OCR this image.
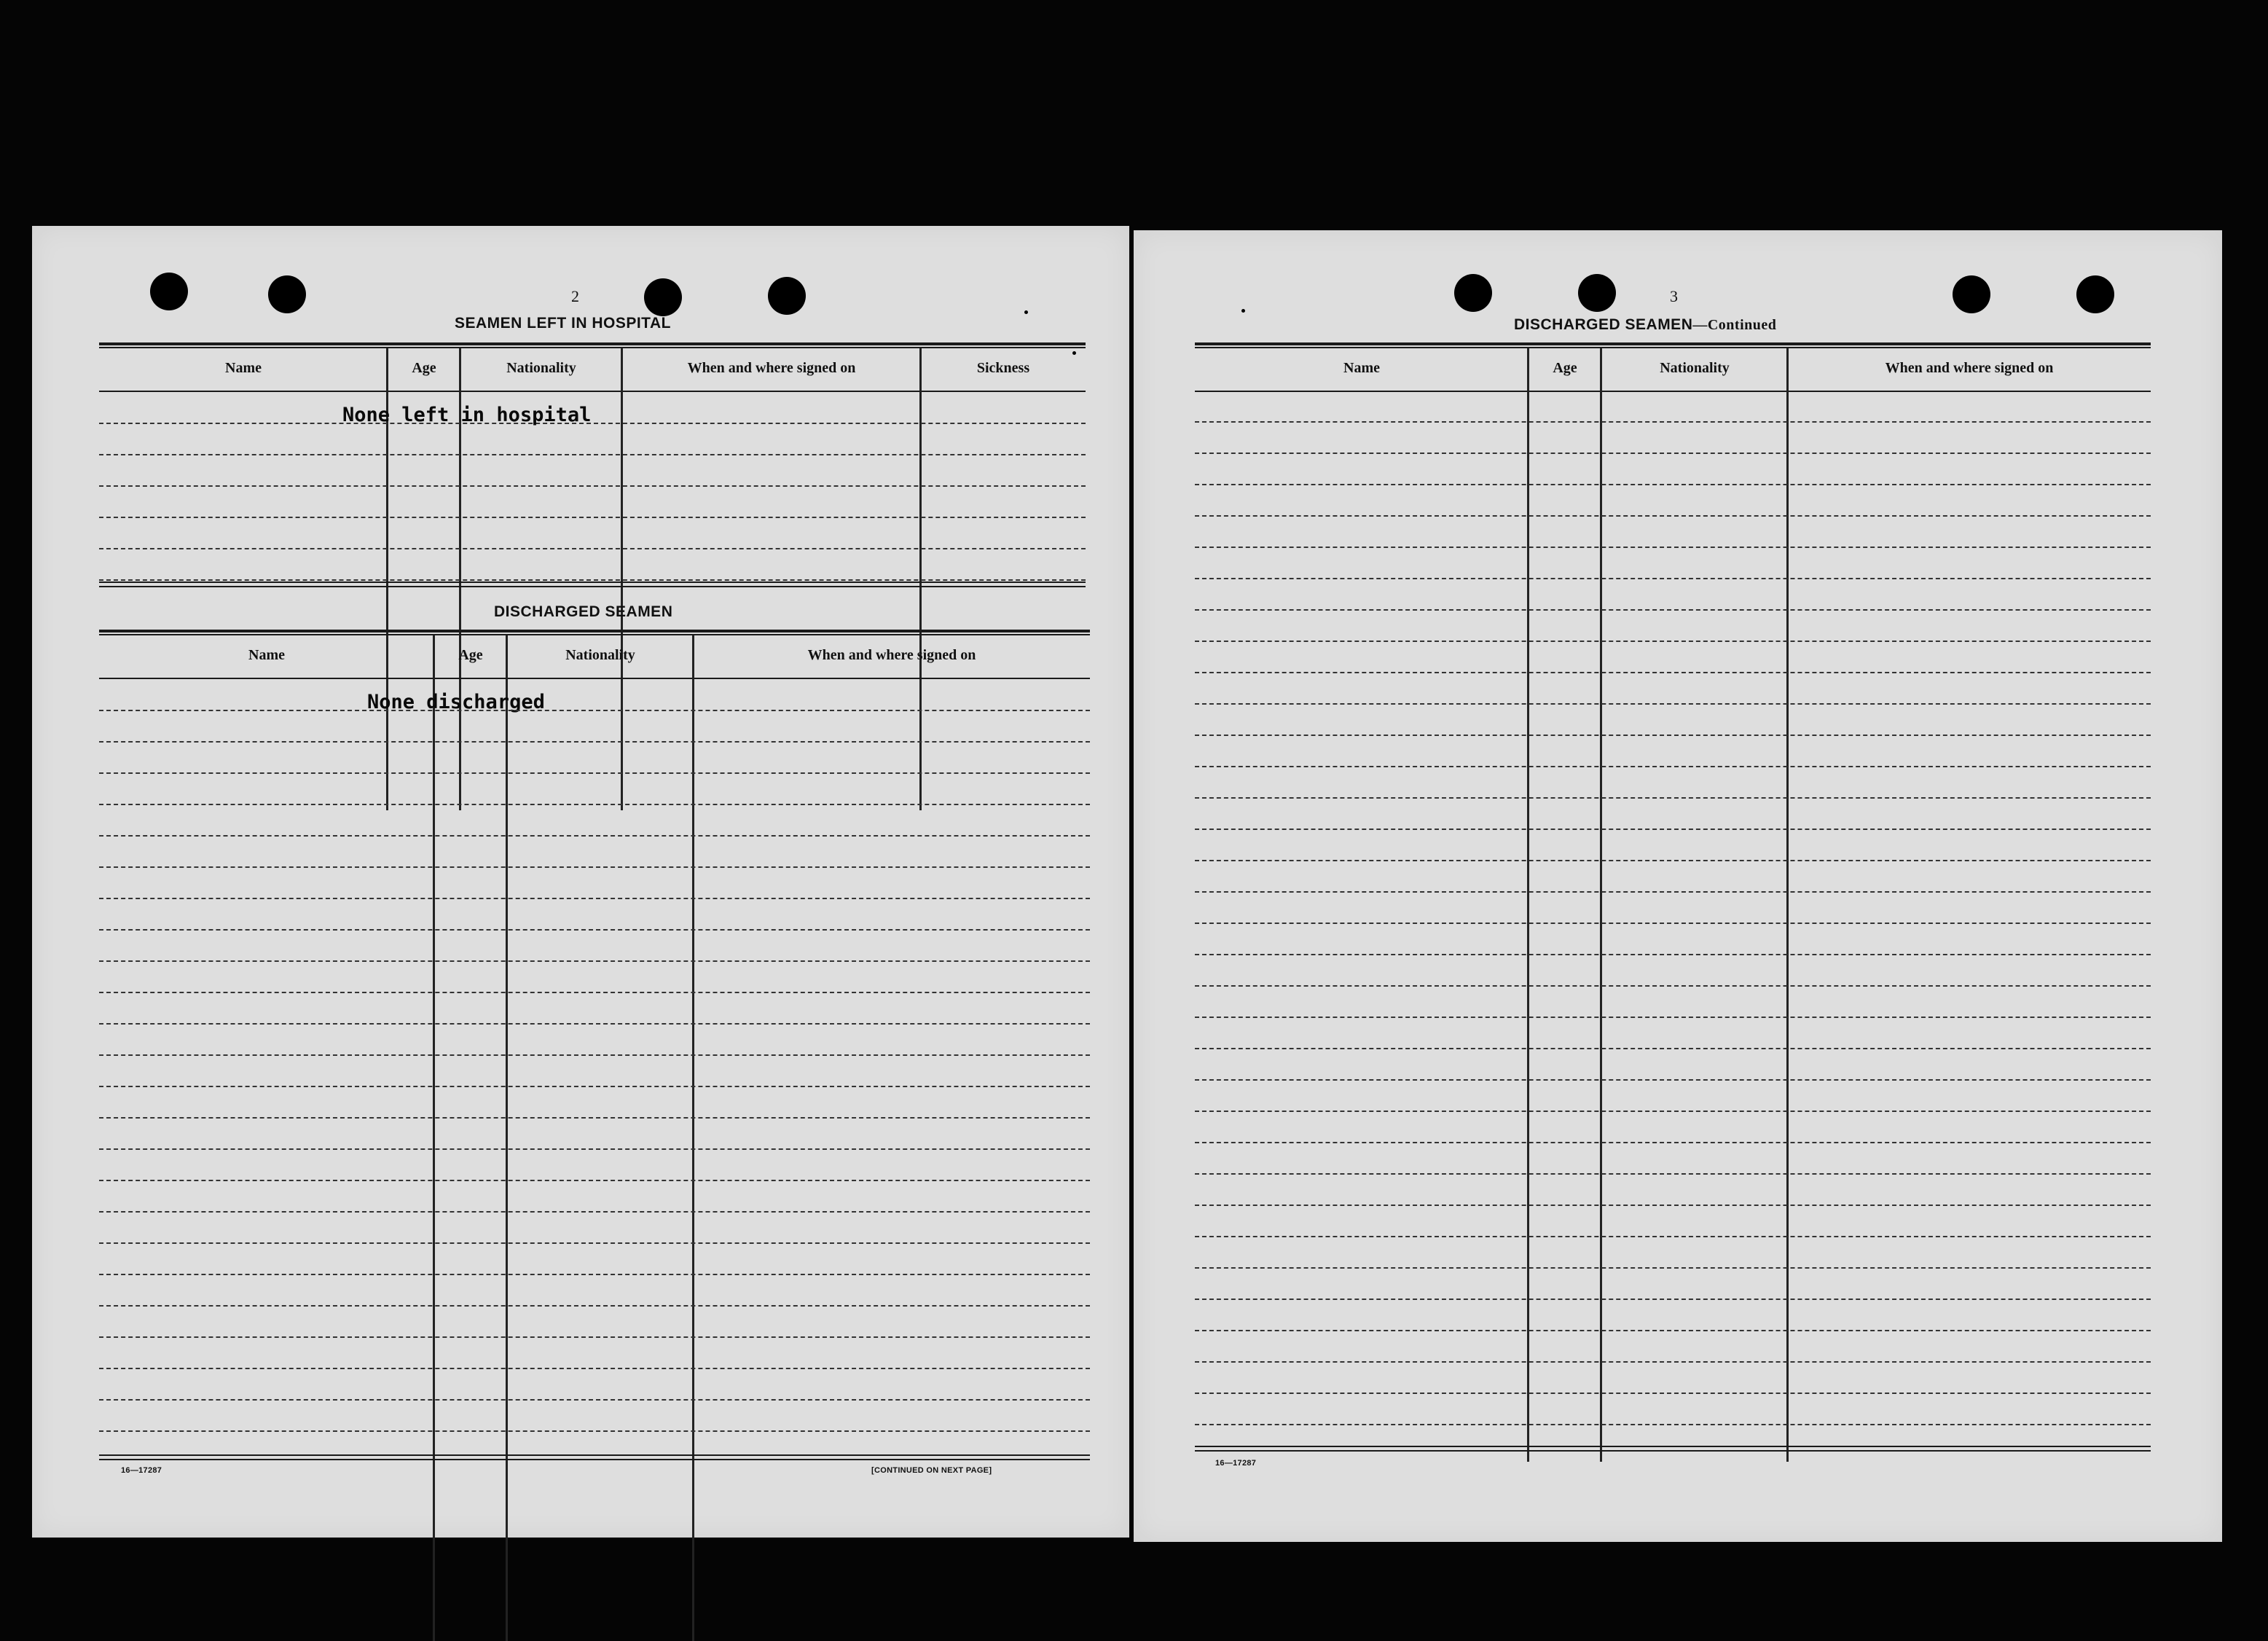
2
SEAMEN LEFT IN HOSPITAL
Name	Age	Nationality	When and where signed on	Sickness
None left in hospital
DISCHARGED SEAMEN
Name	Age	Nationality	When and where signed on
None discharged
16—17287	[CONTINUED ON NEXT PAGE]
3
DISCHARGED SEAMEN—Continued
Name	Age	Nationality	When and where signed on
16—17287
